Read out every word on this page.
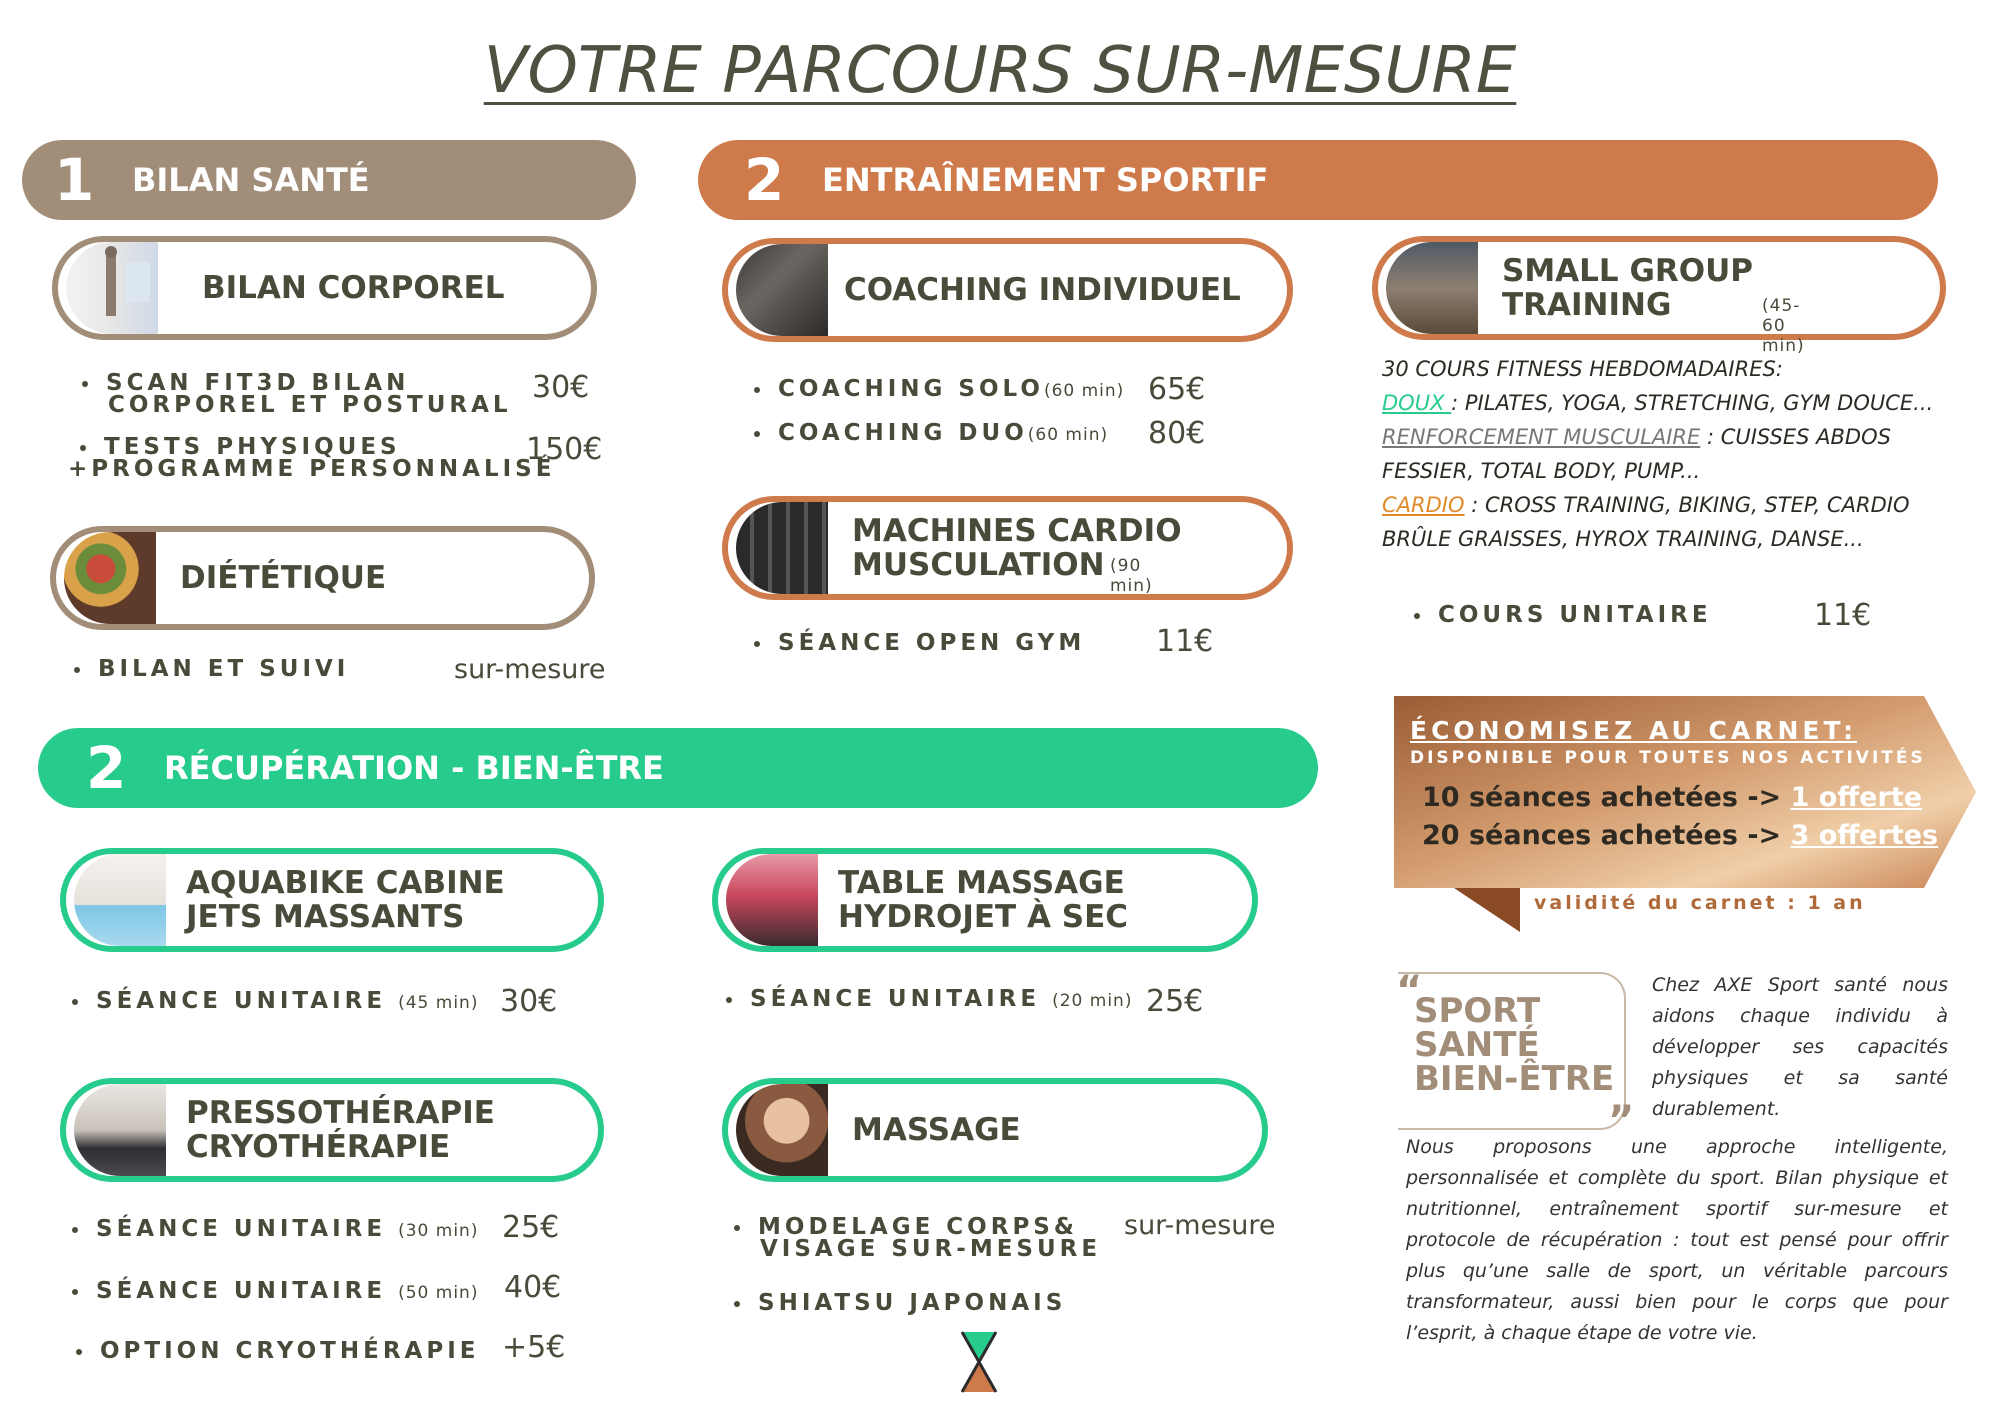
VOTRE PARCOURS SUR-MESURE
1	BILAN SANTÉ	2	ENTRAÎNEMENT SPORTIF
2	RÉCUPÉRATION - BIEN-ÊTRE
BILAN CORPOREL
SCAN FIT3D BILAN
CORPOREL ET POSTURAL 30€
TESTS PHYSIQUES
+PROGRAMME PERSONNALISÉ
150€
DIÉTÉTIQUE
BILAN ET SUIVI	sur-mesure
COACHING INDIVIDUEL
COACHING SOLO(60 min) 65€
COACHING DUO(60 min) 80€
MACHINES CARDIO
MUSCULATION (90 min)
SÉANCE OPEN GYM 11€
SMALL GROUP
TRAINING	(45-60 min)
30 COURS FITNESS HEBDOMADAIRES:
DOUX : PILATES, YOGA, STRETCHING, GYM DOUCE...
RENFORCEMENT MUSCULAIRE : CUISSES ABDOS
FESSIER, TOTAL BODY, PUMP...
CARDIO : CROSS TRAINING, BIKING, STEP, CARDIO
BRÛLE GRAISSES, HYROX TRAINING, DANSE...
COURS UNITAIRE	11€
ÉCONOMISEZ AU CARNET:
DISPONIBLE POUR TOUTES NOS ACTIVITÉS
10 séances achetées -> 1 offerte
20 séances achetées -> 3 offertes
validité du carnet : 1 an
AQUABIKE CABINE
JETS MASSANTS
SÉANCE UNITAIRE (45 min) 30€
TABLE MASSAGE
HYDROJET À SEC
SÉANCE UNITAIRE (20 min) 25€
PRESSOTHÉRAPIE
CRYOTHÉRAPIE
SÉANCE UNITAIRE (30 min) 25€
SÉANCE UNITAIRE (50 min) 40€
OPTION CRYOTHÉRAPIE +5€
MASSAGE
MODELAGE CORPS&
VISAGE SUR-MESURE
sur-mesure
SHIATSU JAPONAIS
“
”
SPORT
SANTÉ
BIEN-ÊTRE
Chez AXE Sport santé nous aidons chaque individu à développer ses capacités physiques et sa santé durablement.
Nous proposons une approche intelligente, personnalisée et complète du sport. Bilan physique et nutritionnel, entraînement sportif sur-mesure et protocole de récupération : tout est pensé pour offrir plus qu’une salle de sport, un véritable parcours transformateur, aussi bien pour le corps que pour l’esprit, à chaque étape de votre vie.
